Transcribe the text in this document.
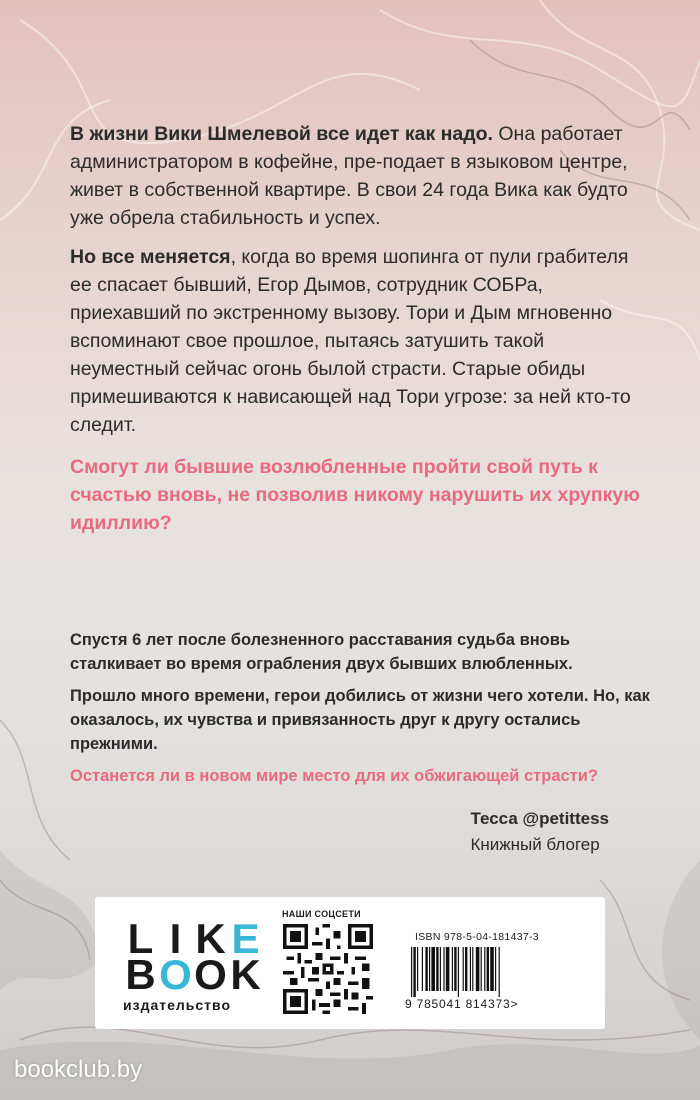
В жизни Вики Шмелевой все идет как надо. Она работает администратором в кофейне, пре-подает в языковом центре, живет в собственной квартире. В свои 24 года Вика как будто уже обрела стабильность и успех.

Но все меняется, когда во время шопинга от пули грабителя ее спасает бывший, Егор Дымов, сотрудник СОБРа, приехавший по экстренному вызову. Тори и Дым мгновенно вспоминают свое прошлое, пытаясь затушить такой неуместный сейчас огонь былой страсти. Старые обиды примешиваются к нависающей над Тори угрозе: за ней кто-то следит.

Смогут ли бывшие возлюбленные пройти свой путь к счастью вновь, не позволив никому нарушить их хрупкую идиллию?

Спустя 6 лет после болезненного расставания судьба вновь сталкивает во время ограбления двух бывших влюбленных.

Прошло много времени, герои добились от жизни чего хотели. Но, как оказалось, их чувства и привязанность друг к другу остались прежними.

Останется ли в новом мире место для их обжигающей страсти?

Тесса @petittess
Книжный блогер
L I K E
B O O K
издательство
НАШИ СОЦСЕТИ
ISBN 978-5-04-181437-3
9 785041 814373>
bookclub.by
